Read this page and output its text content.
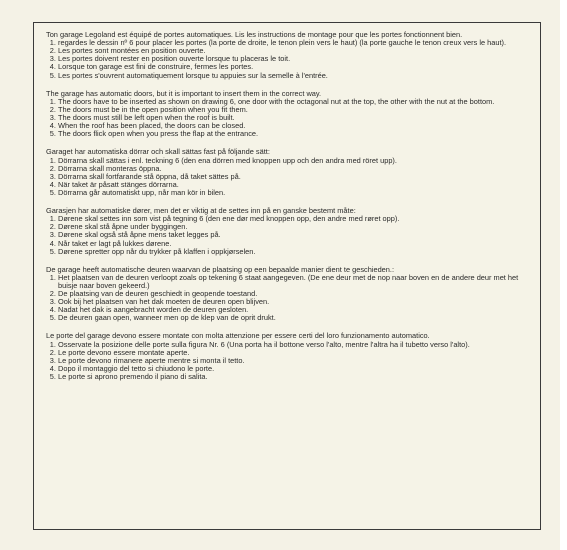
Ton garage Legoland est équipé de portes automatiques. Lis les instructions de montage pour que les portes fonctionnent bien.

1. regardes le dessin nº 6 pour placer les portes (la porte de droite, le tenon plein vers le haut) (la porte gauche le tenon creux vers le haut).
2. Les portes sont montées en position ouverte.
3. Les portes doivent rester en position ouverte lorsque tu placeras le toit.
4. Lorsque ton garage est fini de construire, fermes les portes.
5. Les portes s'ouvrent automatiquement lorsque tu appuies sur la semelle à l'entrée.

The garage has automatic doors, but it is important to insert them in the correct way.

1. The doors have to be inserted as shown on drawing 6, one door with the octagonal nut at the top, the other with the nut at the bottom.
2. The doors must be in the open position when you fit them.
3. The doors must still be left open when the roof is built.
4. When the roof has been placed, the doors can be closed.
5. The doors flick open when you press the flap at the entrance.

Garaget har automatiska dörrar och skall sättas fast på följande sätt:

1. Dörrarna skall sättas i enl. teckning 6 (den ena dörren med knoppen upp och den andra med röret upp).
2. Dörrarna skall monteras öppna.
3. Dörrarna skall fortfarande stå öppna, då taket sättes på.
4. När taket är påsatt stänges dörrarna.
5. Dörrarna går automatiskt upp, når man kör in bilen.

Garasjen har automatiske dører, men det er viktig at de settes inn på en ganske bestemt måte:

1. Dørene skal settes inn som vist på tegning 6 (den ene dør med knoppen opp, den andre med røret opp).
2. Dørene skal stå åpne under byggingen.
3. Dørene skal også stå åpne mens taket legges på.
4. Når taket er lagt på lukkes dørene.
5. Dørene spretter opp når du trykker på klaffen i oppkjørselen.

De garage heeft automatische deuren waarvan de plaatsing op een bepaalde manier dient te geschieden.:

1. Het plaatsen van de deuren verloopt zoals op tekening 6 staat aangegeven. (De ene deur met de nop naar boven en de andere deur met het buisje naar boven gekeerd.)
2. De plaatsing van de deuren geschiedt in geopende toestand.
3. Ook bij het plaatsen van het dak moeten de deuren open blijven.
4. Nadat het dak is aangebracht worden de deuren gesloten.
5. De deuren gaan open, wanneer men op de klep van de oprit drukt.

Le porte del garage devono essere montate con molta attenzione per essere certi del loro funzionamento automatico.

1. Osservate la posizione delle porte sulla figura Nr. 6 (Una porta ha il bottone verso l'alto, mentre l'altra ha il tubetto verso l'alto).
2. Le porte devono essere montate aperte.
3. Le porte devono rimanere aperte mentre si monta il tetto.
4. Dopo il montaggio del tetto si chiudono le porte.
5. Le porte si aprono premendo il piano di salita.
